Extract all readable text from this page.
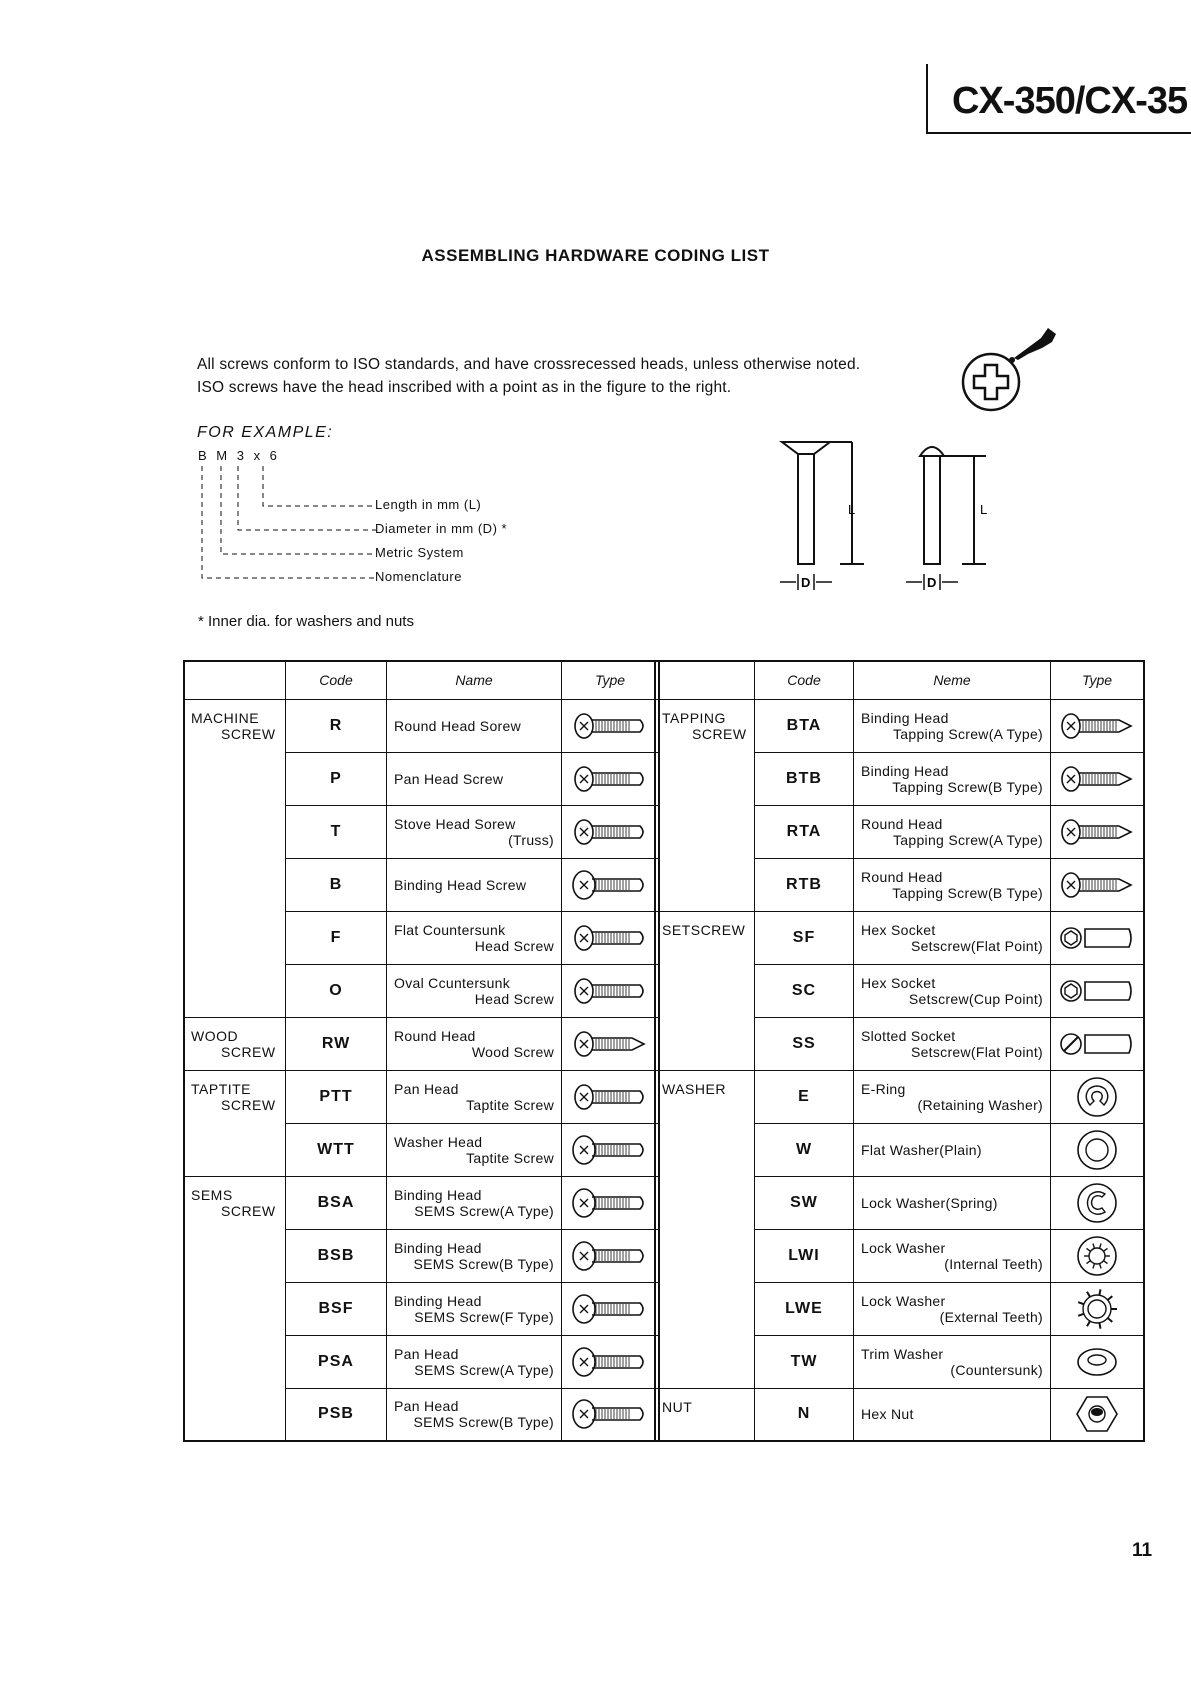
CX-350/CX-35
ASSEMBLING HARDWARE CODING LIST
All screws conform to ISO standards, and have crossrecessed heads, unless otherwise noted.
ISO screws have the head inscribed with a point as in the figure to the right.
FOR EXAMPLE:
B M 3 x 6
Length in mm (L)
Diameter in mm (D) *
Metric System
Nomenclature
L	L
D	D
* Inner dia. for washers and nuts
	Code	Name	Type

MACHINE
SCREW	R	Round Head Sorew

	P	Pan Head Screw

	T	Stove Head Sorew
(Truss)

	B	Binding Head Screw

	F	Flat Countersunk
Head Screw

	O	Oval Ccuntersunk
Head Screw

WOOD
SCREW	RW	Round Head
Wood Screw

TAPTITE
SCREW	PTT	Pan Head
Taptite Screw

	WTT	Washer Head
Taptite Screw

SEMS
SCREW	BSA	Binding Head
SEMS Screw(A Type)

	BSB	Binding Head
SEMS Screw(B Type)

	BSF	Binding Head
SEMS Screw(F Type)

	PSA	Pan Head
SEMS Screw(A Type)

	PSB	Pan Head
SEMS Screw(B Type)

	Code	Neme	Type

TAPPING
SCREW	BTA	Binding Head
Tapping Screw(A Type)

	BTB	Binding Head
Tapping Screw(B Type)

	RTA	Round Head
Tapping Screw(A Type)

	RTB	Round Head
Tapping Screw(B Type)

SETSCREW	SF	Hex Socket
Setscrew(Flat Point)

	SC	Hex Socket
Setscrew(Cup Point)

	SS	Slotted Socket
Setscrew(Flat Point)

WASHER	E	E-Ring
(Retaining Washer)

	W	Flat Washer(Plain)

	SW	Lock Washer(Spring)

	LWI	Lock Washer
(Internal Teeth)

	LWE	Lock Washer
(External Teeth)

	TW	Trim Washer
(Countersunk)

NUT	N	Hex Nut

11
